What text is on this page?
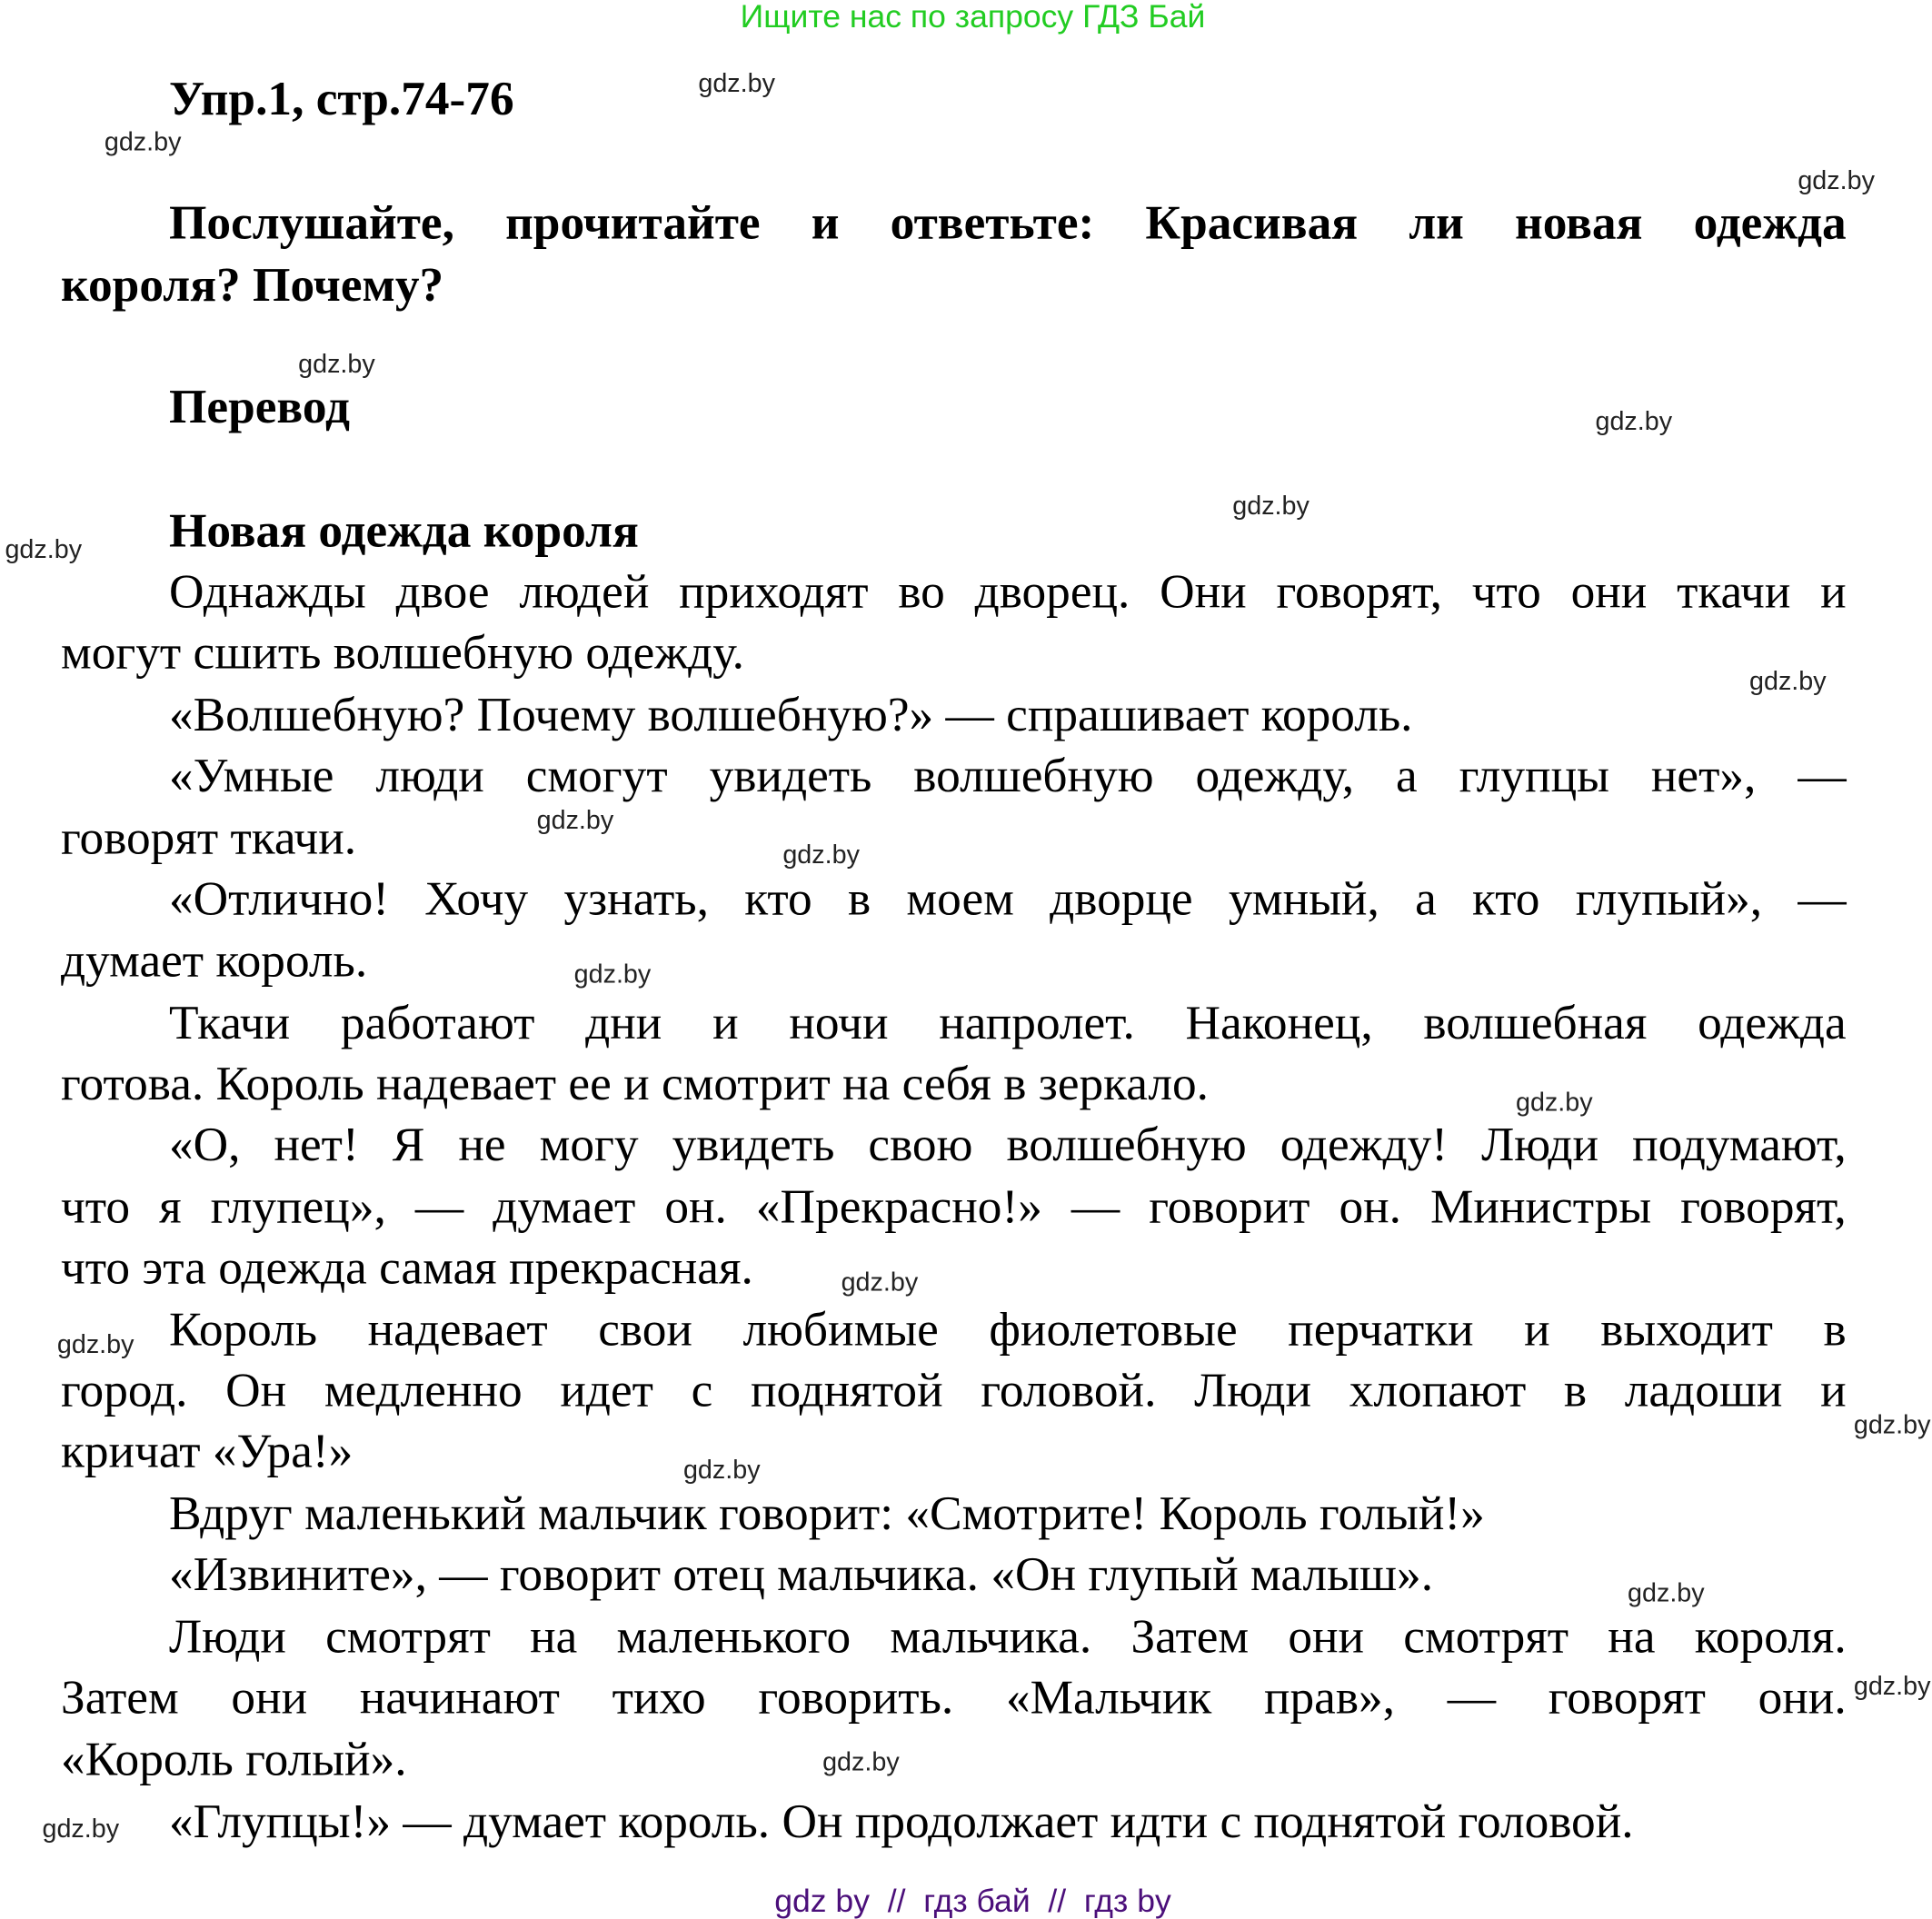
Ищите нас по запросу ГДЗ Бай
Упр.1, стр.74-76
Послушайте, прочитайте и ответьте: Красивая ли новая одежда
короля? Почему?
Перевод
Новая одежда короля
Однажды двое людей приходят во дворец. Они говорят, что они ткачи и
могут сшить волшебную одежду.
«Волшебную? Почему волшебную?» — спрашивает король.
«Умные люди смогут увидеть волшебную одежду, а глупцы нет», —
говорят ткачи.
«Отлично! Хочу узнать, кто в моем дворце умный, а кто глупый», —
думает король.
Ткачи работают дни и ночи напролет. Наконец, волшебная одежда
готова. Король надевает ее и смотрит на себя в зеркало.
«О, нет! Я не могу увидеть свою волшебную одежду! Люди подумают,
что я глупец», — думает он. «Прекрасно!» — говорит он. Министры говорят,
что эта одежда самая прекрасная.
Король надевает свои любимые фиолетовые перчатки и выходит в
город. Он медленно идет с поднятой головой. Люди хлопают в ладоши и
кричат «Ура!»
Вдруг маленький мальчик говорит: «Смотрите! Король голый!»
«Извините», — говорит отец мальчика. «Он глупый малыш».
Люди смотрят на маленького мальчика. Затем они смотрят на короля.
Затем они начинают тихо говорить. «Мальчик прав», — говорят они.
«Король голый».
«Глупцы!» — думает король. Он продолжает идти с поднятой головой.
gdz.by
gdz.by
gdz.by
gdz.by
gdz.by
gdz.by
gdz.by
gdz.by
gdz.by
gdz.by
gdz.by
gdz.by
gdz.by
gdz.by
gdz.by
gdz.by
gdz.by
gdz.by
gdz.by
gdz.by
gdz by  //  гдз бай  //  гдз by
